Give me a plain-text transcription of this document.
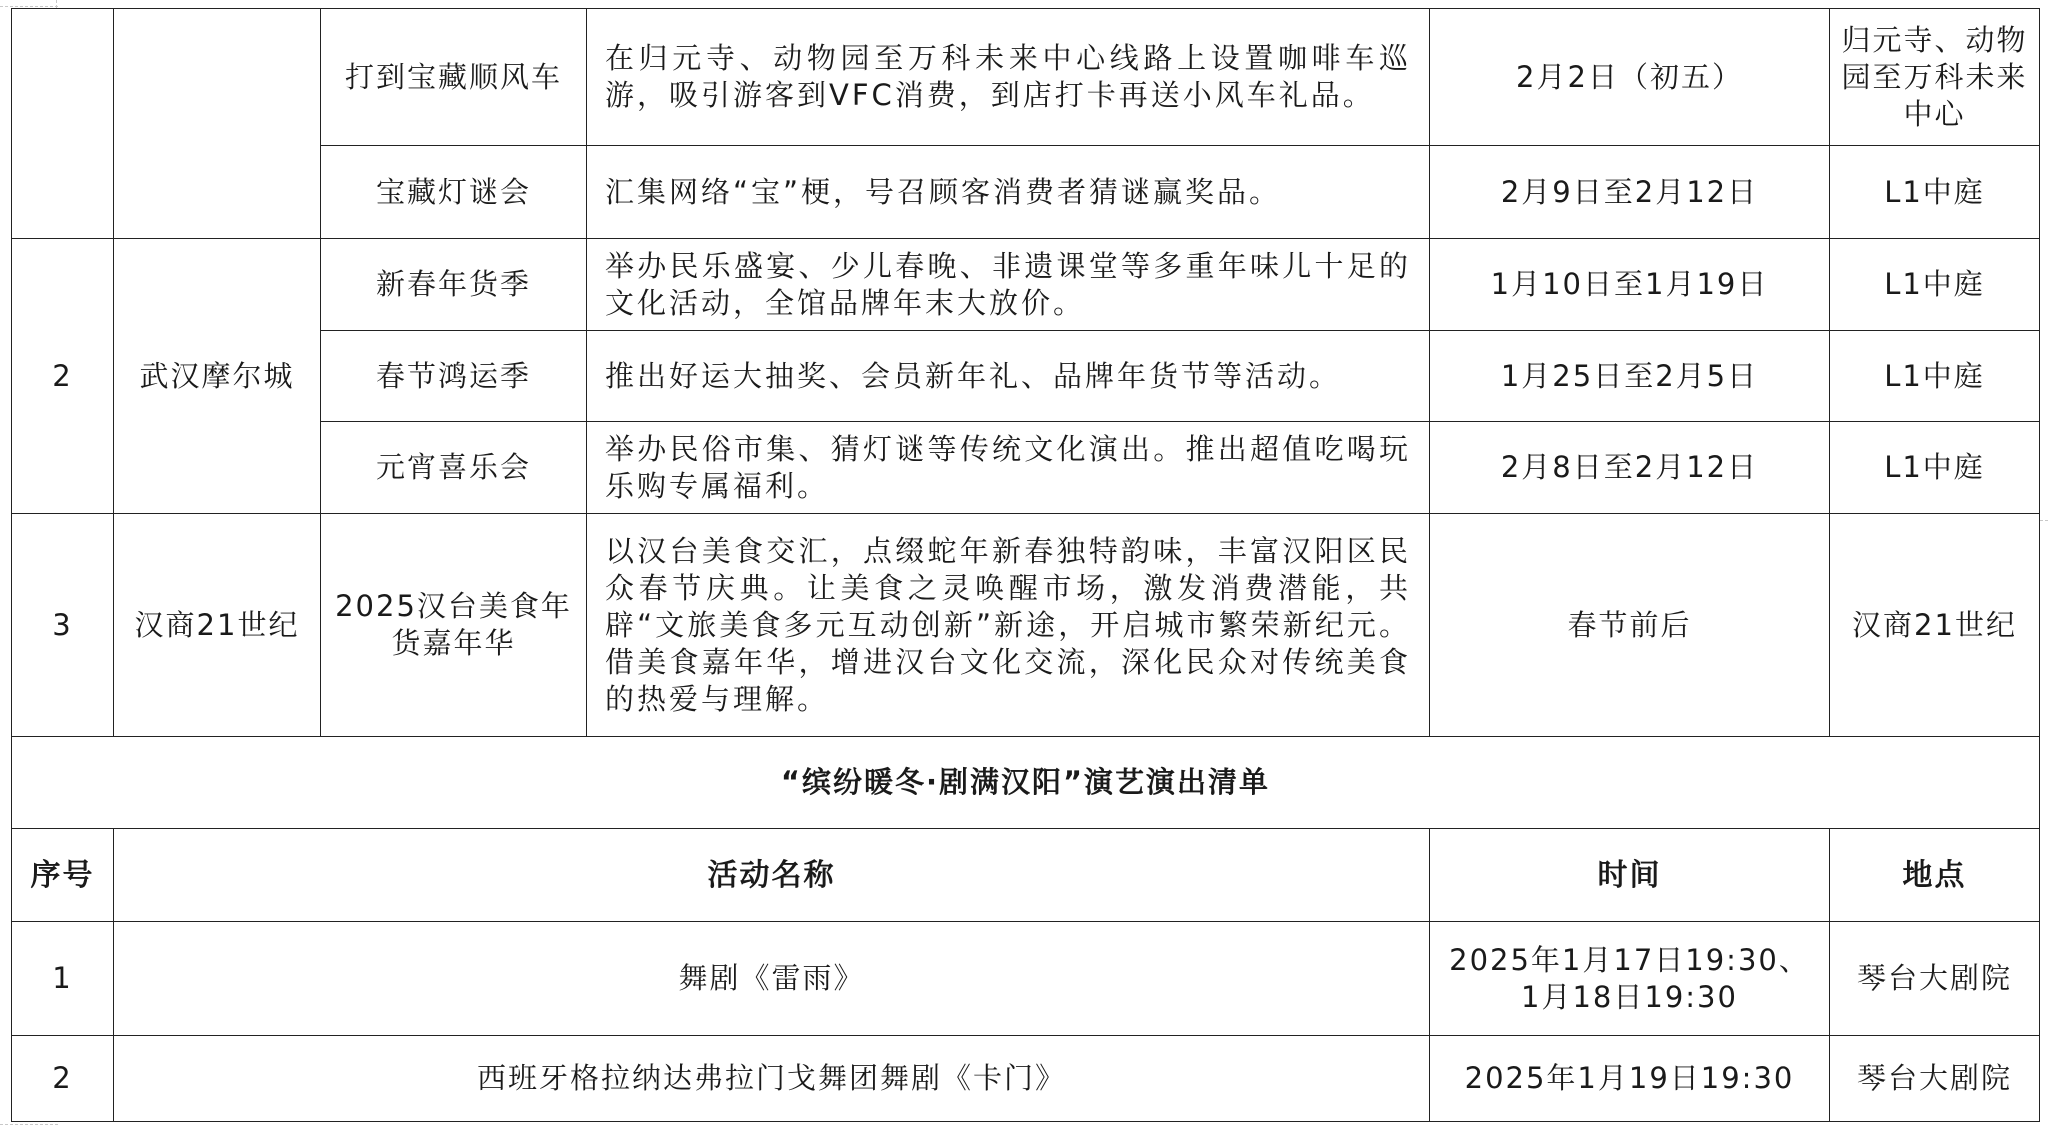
		打到宝藏顺风车	在归元寺、动物园至万科未来中心线路上设置咖啡车巡游，吸引游客到VFC消费，到店打卡再送小风车礼品。	2月2日（初五）	归元寺、动物园至万科未来中心
		宝藏灯谜会	汇集网络“宝”梗，号召顾客消费者猜谜赢奖品。	2月9日至2月12日	L1中庭
2	武汉摩尔城	新春年货季	举办民乐盛宴、少儿春晚、非遗课堂等多重年味儿十足的文化活动，全馆品牌年末大放价。	1月10日至1月19日	L1中庭
		春节鸿运季	推出好运大抽奖、会员新年礼、品牌年货节等活动。	1月25日至2月5日	L1中庭
		元宵喜乐会	举办民俗市集、猜灯谜等传统文化演出。推出超值吃喝玩乐购专属福利。	2月8日至2月12日	L1中庭
3	汉商21世纪	2025汉台美食年货嘉年华	以汉台美食交汇，点缀蛇年新春独特韵味，丰富汉阳区民众春节庆典。让美食之灵唤醒市场，激发消费潜能，共辟“文旅美食多元互动创新”新途，开启城市繁荣新纪元。借美食嘉年华，增进汉台文化交流，深化民众对传统美食的热爱与理解。	春节前后	汉商21世纪
“缤纷暖冬·剧满汉阳”演艺演出清单					
序号	活动名称			时间	地点
1	舞剧《雷雨》			2025年1月17日19:30、
1月18日19:30	琴台大剧院
2	西班牙格拉纳达弗拉门戈舞团舞剧《卡门》			2025年1月19日19:30	琴台大剧院
